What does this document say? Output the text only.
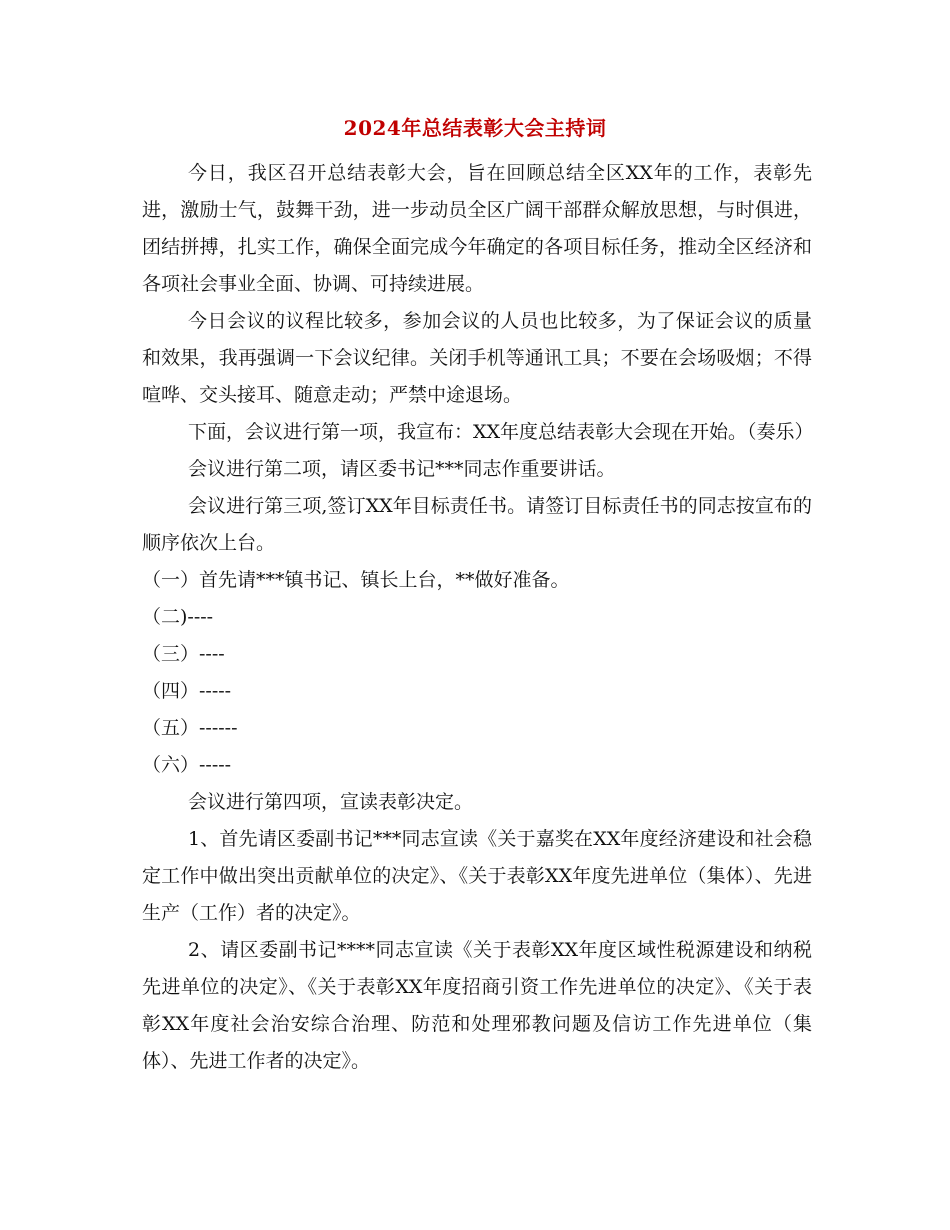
2024年总结表彰大会主持词

今日，我区召开总结表彰大会，旨在回顾总结全区XX年的工作，表彰先进，激励士气，鼓舞干劲，进一步动员全区广阔干部群众解放思想，与时俱进，团结拼搏，扎实工作，确保全面完成今年确定的各项目标任务，推动全区经济和各项社会事业全面、协调、可持续进展。

今日会议的议程比较多，参加会议的人员也比较多，为了保证会议的质量和效果，我再强调一下会议纪律。关闭手机等通讯工具；不要在会场吸烟；不得喧哗、交头接耳、随意走动；严禁中途退场。

下面，会议进行第一项，我宣布：XX年度总结表彰大会现在开始。（奏乐）

会议进行第二项，请区委书记***同志作重要讲话。

会议进行第三项,签订XX年目标责任书。请签订目标责任书的同志按宣布的顺序依次上台。

（一）首先请***镇书记、镇长上台，**做好准备。

（二)----

（三）----

（四）-----

（五）------

（六）-----

会议进行第四项，宣读表彰决定。

1、首先请区委副书记***同志宣读《关于嘉奖在XX年度经济建设和社会稳定工作中做出突出贡献单位的决定》、《关于表彰XX年度先进单位（集体）、先进生产（工作）者的决定》。

2、请区委副书记****同志宣读《关于表彰XX年度区域性税源建设和纳税先进单位的决定》、《关于表彰XX年度招商引资工作先进单位的决定》、《关于表彰XX年度社会治安综合治理、防范和处理邪教问题及信访工作先进单位（集体）、先进工作者的决定》。
